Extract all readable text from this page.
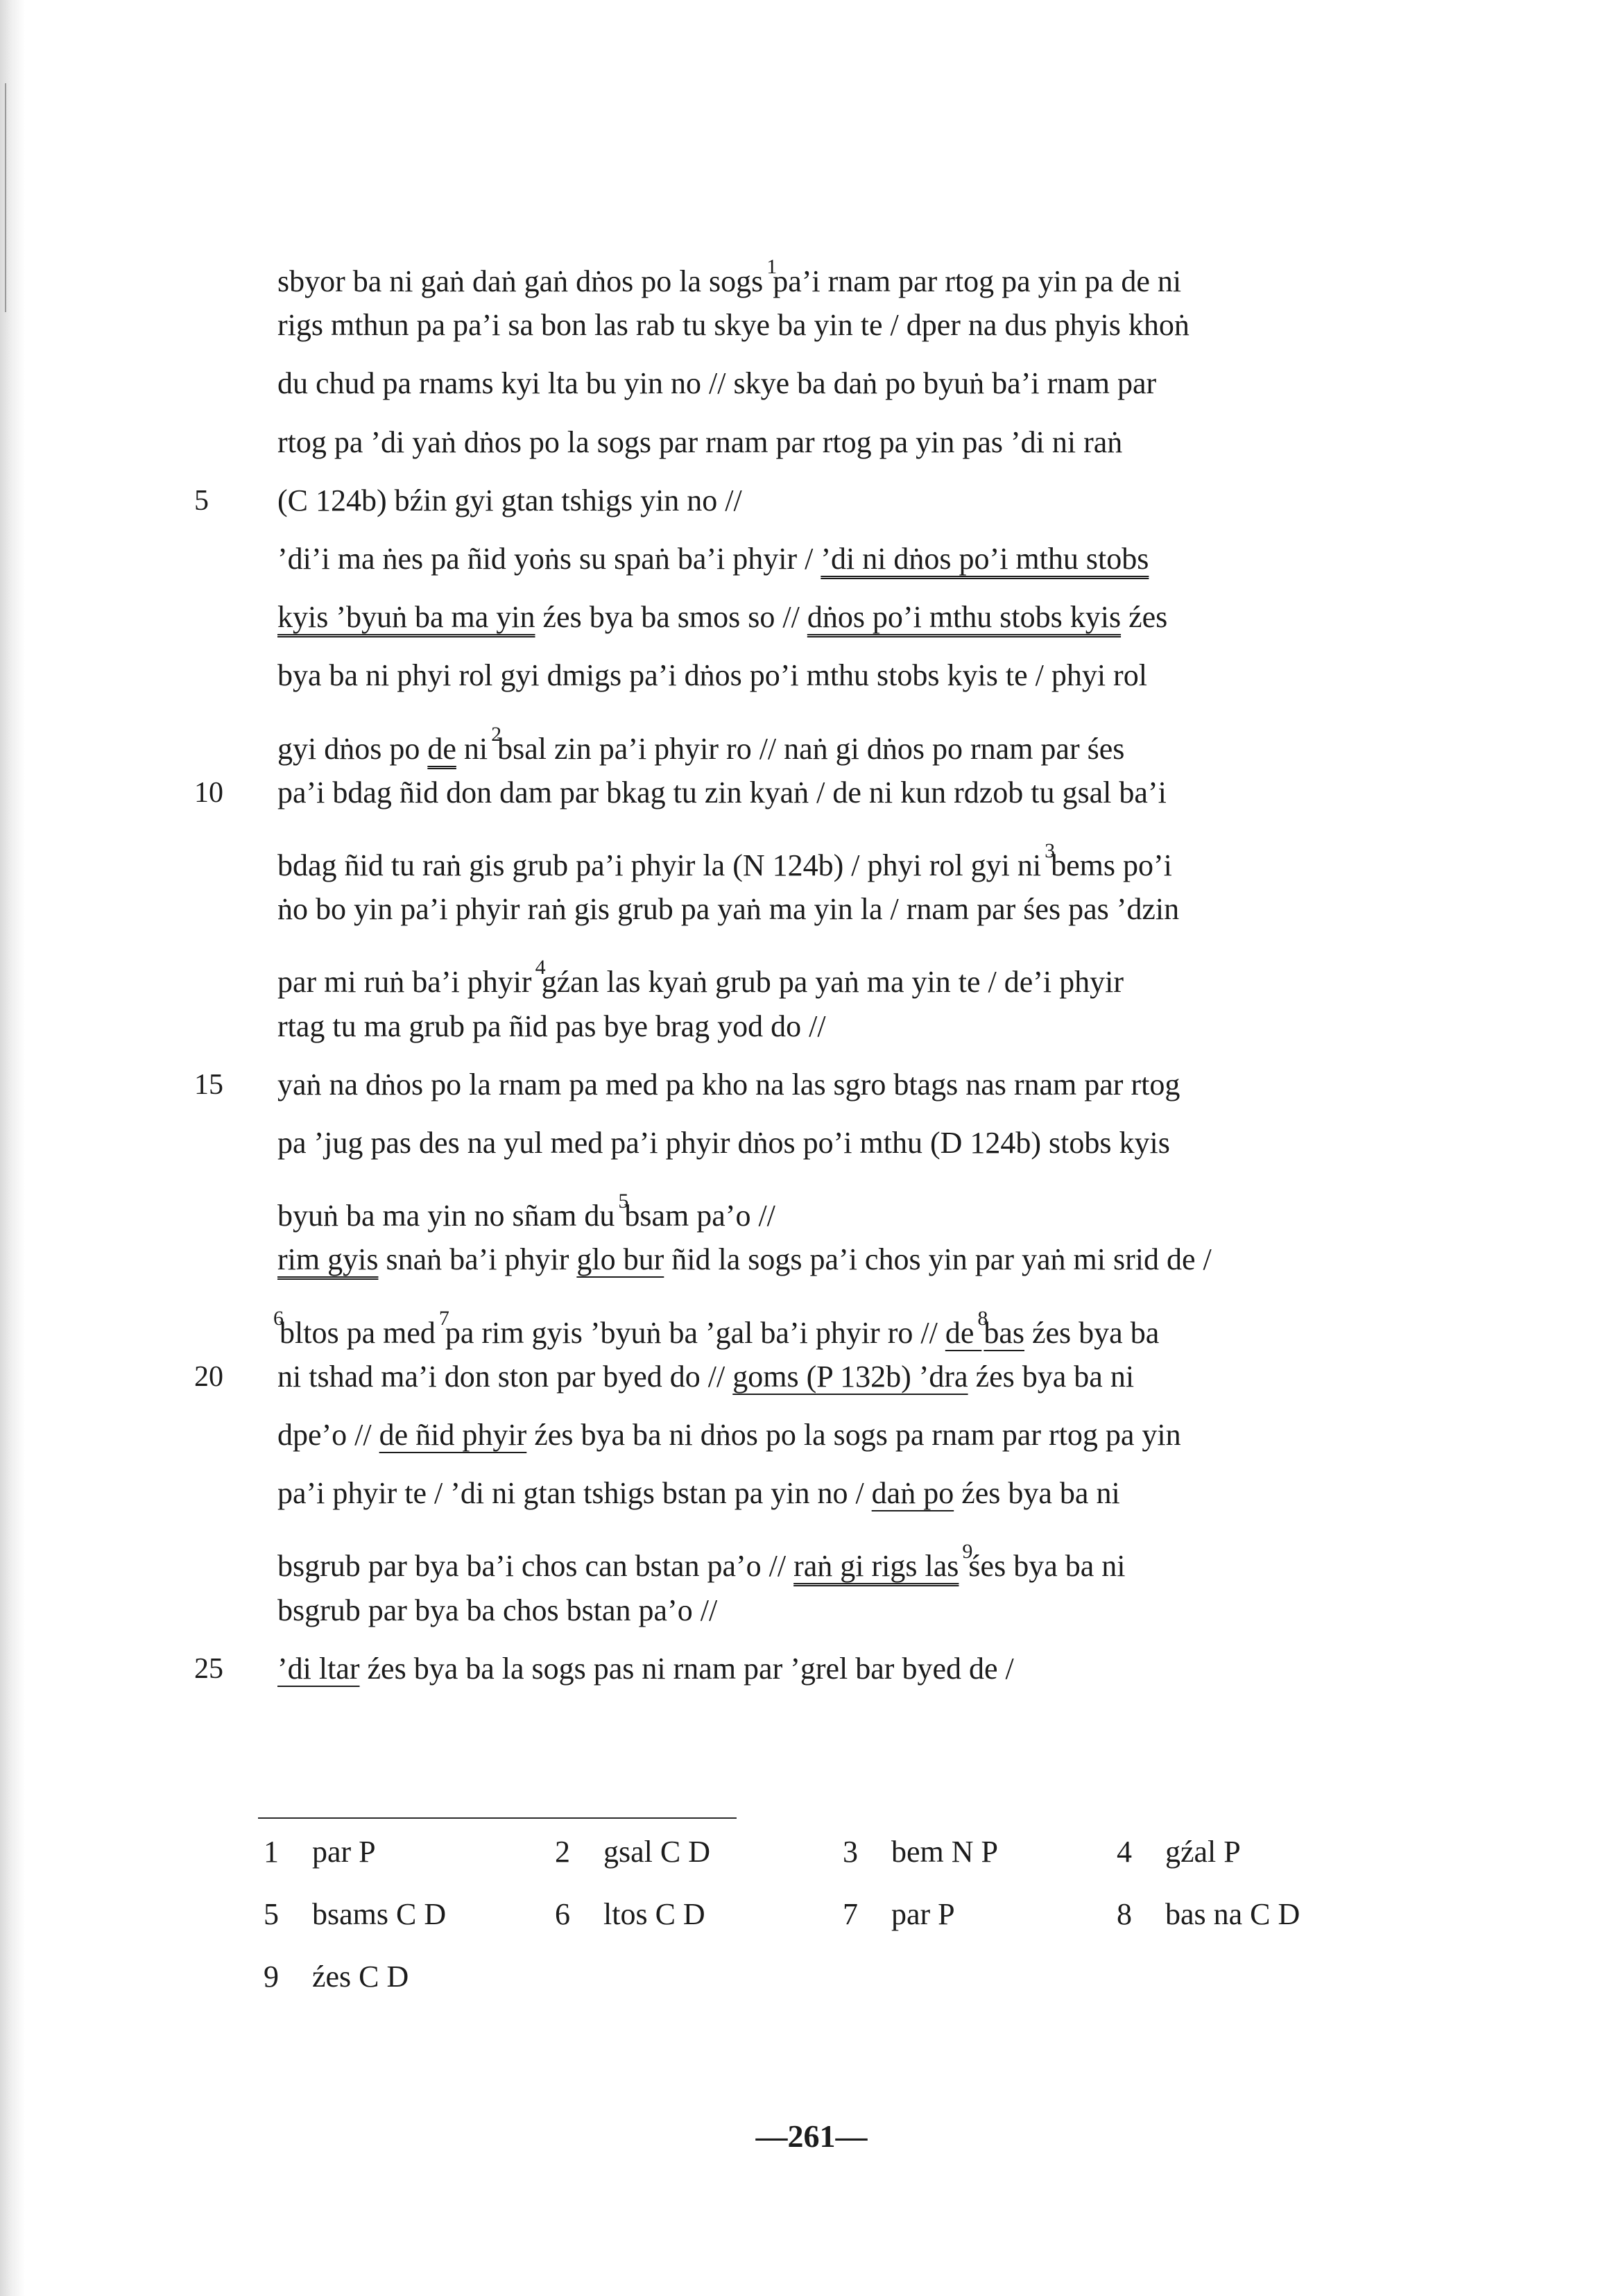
sbyor ba ni gaṅ daṅ gaṅ dṅos po la sogs $^1$pa’i rnam par rtog pa yin pa de ni
rigs mthun pa pa’i sa bon las rab tu skye ba yin te / dper na dus phyis khoṅ
du chud pa rnams kyi lta bu yin no // skye ba daṅ po byuṅ ba’i rnam par
rtog pa ’di yaṅ dṅos po la sogs par rnam par rtog pa yin pas ’di ni raṅ
5 (C 124b) bźin gyi gtan tshigs yin no //
’di’i ma ṅes pa ñid yoṅs su spaṅ ba’i phyir / ’di ni dṅos po’i mthu stobs
kyis ’byuṅ ba ma yin źes bya ba smos so // dṅos po’i mthu stobs kyis źes
bya ba ni phyi rol gyi dmigs pa’i dṅos po’i mthu stobs kyis te / phyi rol
gyi dṅos po de ni $^2$bsal zin pa’i phyir ro // naṅ gi dṅos po rnam par śes
10 pa’i bdag ñid don dam par bkag tu zin kyaṅ / de ni kun rdzob tu gsal ba’i
bdag ñid tu raṅ gis grub pa’i phyir la (N 124b) / phyi rol gyi ni $^3$bems po’i
ṅo bo yin pa’i phyir raṅ gis grub pa yaṅ ma yin la / rnam par śes pas ’dzin
par mi ruṅ ba’i phyir $^4$gźan las kyaṅ grub pa yaṅ ma yin te / de’i phyir
rtag tu ma grub pa ñid pas bye brag yod do //
15 yaṅ na dṅos po la rnam pa med pa kho na las sgro btags nas rnam par rtog
pa ’jug pas des na yul med pa’i phyir dṅos po’i mthu (D 124b) stobs kyis
byuṅ ba ma yin no sñam du $^5$bsam pa’o //
rim gyis snaṅ ba’i phyir glo bur ñid la sogs pa’i chos yin par yaṅ mi srid de /
$^6$bltos pa med $^7$pa rim gyis ’byuṅ ba ’gal ba’i phyir ro // de $^8$bas źes bya ba
20 ni tshad ma’i don ston par byed do // goms (P 132b) ’dra źes bya ba ni
dpe’o // de ñid phyir źes bya ba ni dṅos po la sogs pa rnam par rtog pa yin
pa’i phyir te / ’di ni gtan tshigs bstan pa yin no / daṅ po źes bya ba ni
bsgrub par bya ba’i chos can bstan pa’o // raṅ gi rigs las $^9$śes bya ba ni
bsgrub par bya ba chos bstan pa’o //
25 ’di ltar źes bya ba la sogs pas ni rnam par ’grel bar byed de /
1 par P	2 gsal C D	3 bem N P	4 gźal P
5 bsams C D	6 ltos C D	7 par P	8 bas na C D
9 źes C D
—261—
